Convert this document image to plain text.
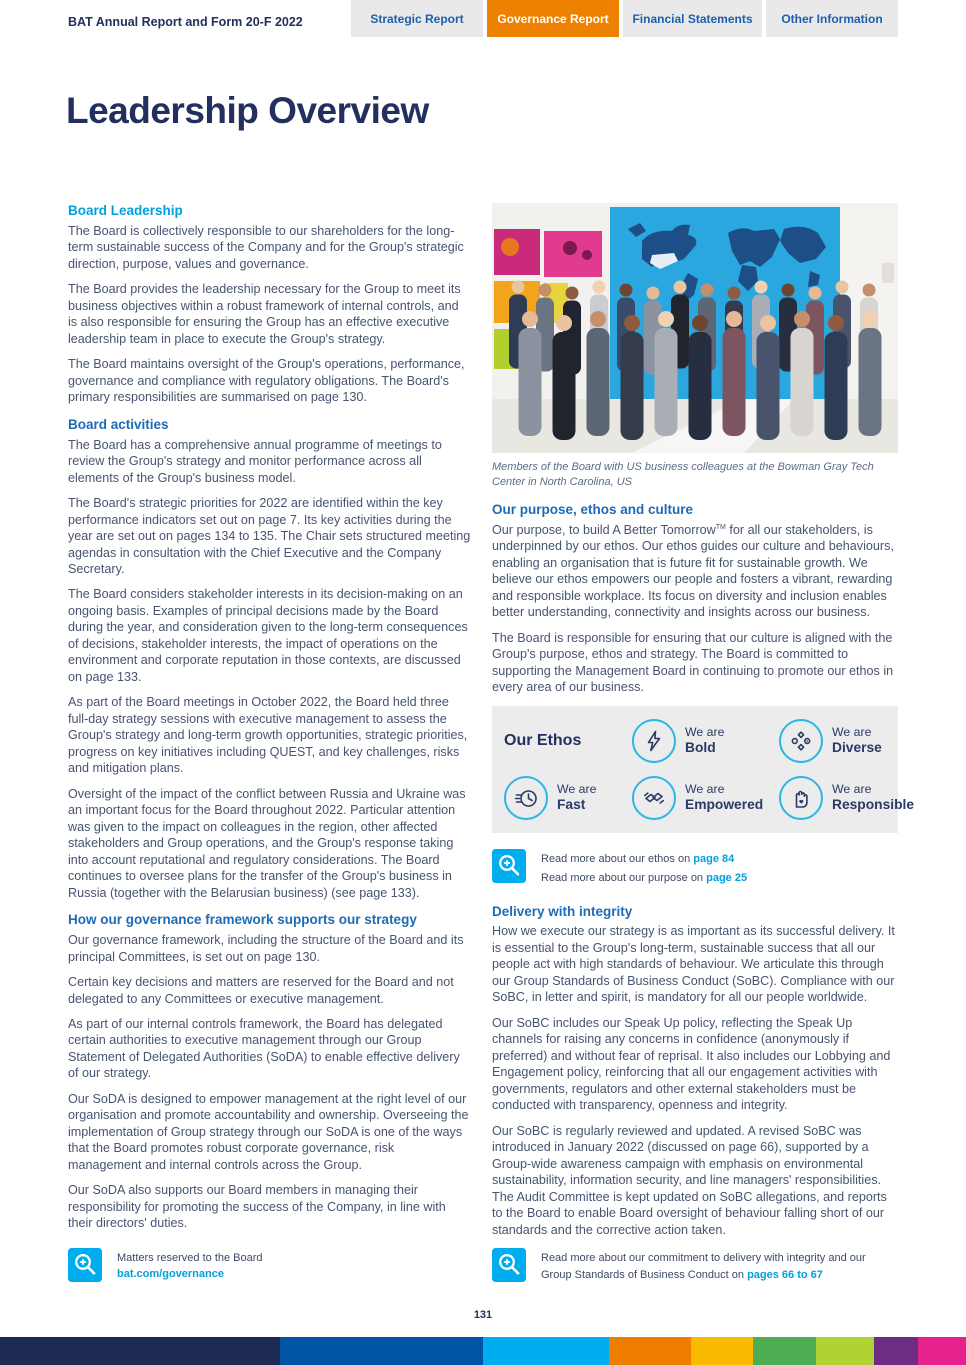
BAT Annual Report and Form 20-F 2022	Strategic Report	Governance Report	Financial Statements	Other Information
Leadership Overview
Board Leadership

The Board is collectively responsible to our shareholders for the long-term sustainable success of the Company and for the Group's strategic direction, purpose, values and governance.

The Board provides the leadership necessary for the Group to meet its business objectives within a robust framework of internal controls, and is also responsible for ensuring the Group has an effective executive leadership team in place to execute the Group's strategy.

The Board maintains oversight of the Group's operations, performance, governance and compliance with regulatory obligations. The Board's primary responsibilities are summarised on page 130.

Board activities

The Board has a comprehensive annual programme of meetings to review the Group's strategy and monitor performance across all elements of the Group's business model.

The Board's strategic priorities for 2022 are identified within the key performance indicators set out on page 7. Its key activities during the year are set out on pages 134 to 135. The Chair sets structured meeting agendas in consultation with the Chief Executive and the Company Secretary.

The Board considers stakeholder interests in its decision-making on an ongoing basis. Examples of principal decisions made by the Board during the year, and consideration given to the long-term consequences of decisions, stakeholder interests, the impact of operations on the environment and corporate reputation in those contexts, are discussed on page 133.

As part of the Board meetings in October 2022, the Board held three full-day strategy sessions with executive management to assess the Group's strategy and long-term growth opportunities, strategic priorities, progress on key initiatives including QUEST, and key challenges, risks and mitigation plans.

Oversight of the impact of the conflict between Russia and Ukraine was an important focus for the Board throughout 2022. Particular attention was given to the impact on colleagues in the region, other affected stakeholders and Group operations, and the Group's response taking into account reputational and regulatory considerations. The Board continues to oversee plans for the transfer of the Group's business in Russia (together with the Belarusian business) (see page 133).

How our governance framework supports our strategy

Our governance framework, including the structure of the Board and its principal Committees, is set out on page 130.

Certain key decisions and matters are reserved for the Board and not delegated to any Committees or executive management.

As part of our internal controls framework, the Board has delegated certain authorities to executive management through our Group Statement of Delegated Authorities (SoDA) to enable effective delivery of our strategy.

Our SoDA is designed to empower management at the right level of our organisation and promote accountability and ownership. Overseeing the implementation of Group strategy through our SoDA is one of the ways that the Board promotes robust corporate governance, risk management and internal controls across the Group.

Our SoDA also supports our Board members in managing their responsibility for promoting the success of the Company, in line with their directors' duties.

Matters reserved to the Board
bat.com/governance

Members of the Board with US business colleagues at the Bowman Gray Tech Center in North Carolina, US

Our purpose, ethos and culture

Our purpose, to build A Better Tomorrow™ for all our stakeholders, is underpinned by our ethos. Our ethos guides our culture and behaviours, enabling an organisation that is future fit for sustainable growth. We believe our ethos empowers our people and fosters a vibrant, rewarding and responsible workplace. Its focus on diversity and inclusion enables better understanding, connectivity and insights across our business.

The Board is responsible for ensuring that our culture is aligned with the Group's purpose, ethos and strategy. The Board is committed to supporting the Management Board in continuing to promote our ethos in every area of our business.

Our Ethos	We are
Bold
We are
Diverse
We are
Fast
We are
Empowered
We are
Responsible
Read more about our ethos on page 84
Read more about our purpose on page 25
Delivery with integrity

How we execute our strategy is as important as its successful delivery. It is essential to the Group's long-term, sustainable success that all our people act with high standards of behaviour. We articulate this through our Group Standards of Business Conduct (SoBC). Compliance with our SoBC, in letter and spirit, is mandatory for all our people worldwide.

Our SoBC includes our Speak Up policy, reflecting the Speak Up channels for raising any concerns in confidence (anonymously if preferred) and without fear of reprisal. It also includes our Lobbying and Engagement policy, reinforcing that all our engagement activities with governments, regulators and other external stakeholders must be conducted with transparency, openness and integrity.

Our SoBC is regularly reviewed and updated. A revised SoBC was introduced in January 2022 (discussed on page 66), supported by a Group-wide awareness campaign with emphasis on environmental sustainability, information security, and line managers' responsibilities. The Audit Committee is kept updated on SoBC allegations, and reports to the Board to enable Board oversight of behaviour falling short of our standards and the corrective action taken.

Read more about our commitment to delivery with integrity and our Group Standards of Business Conduct on pages 66 to 67
131
